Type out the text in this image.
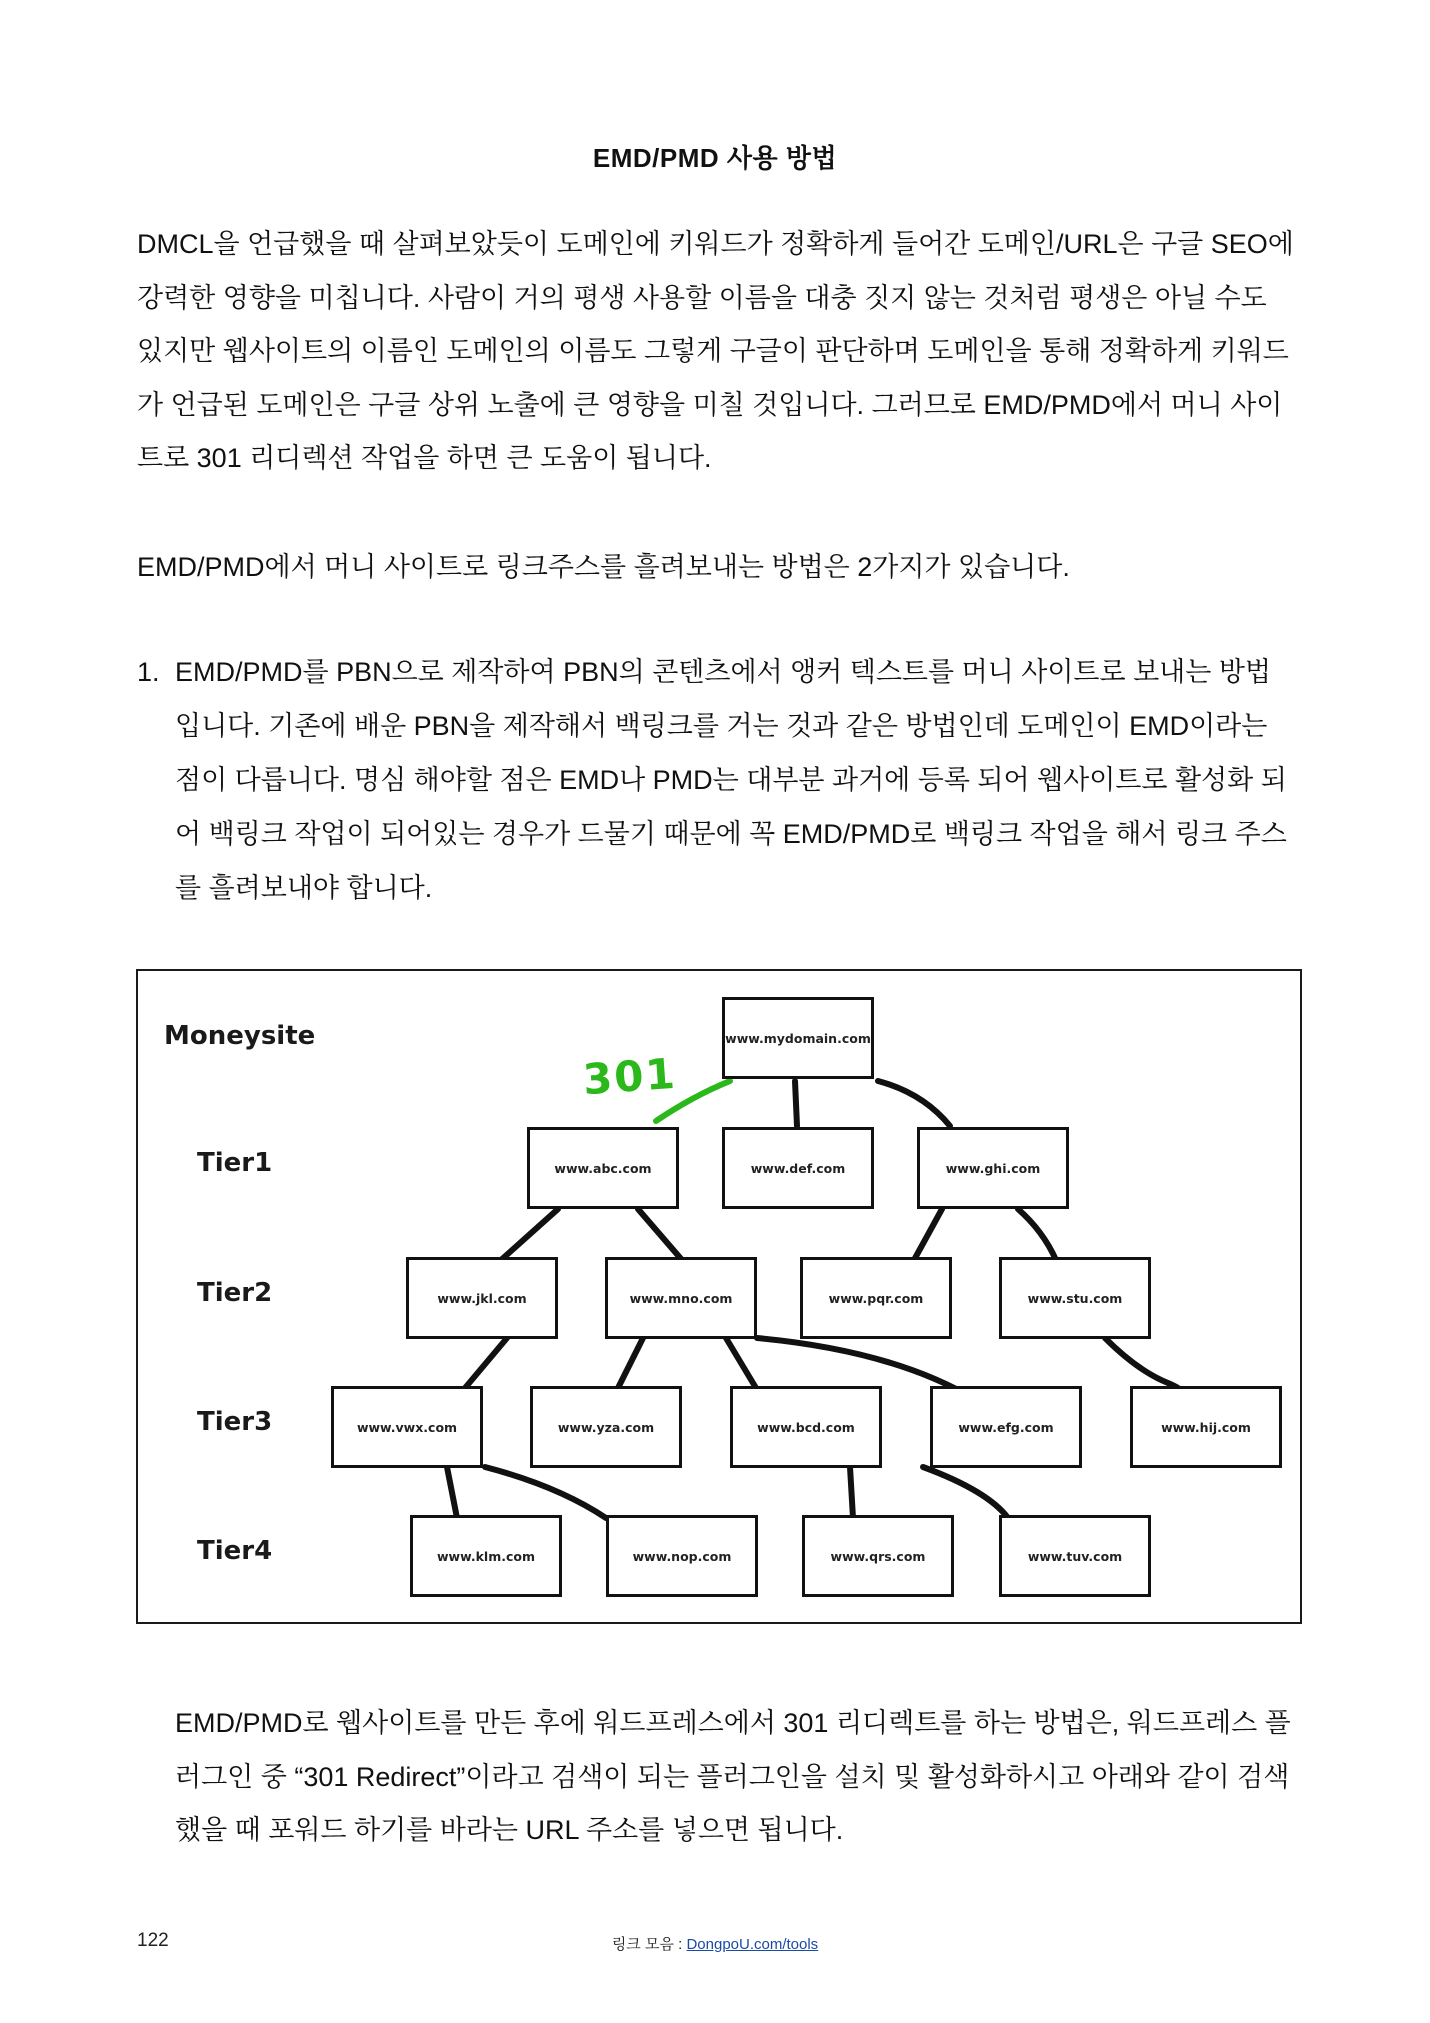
EMD/PMD 사용 방법

DMCL을 언급했을 때 살펴보았듯이 도메인에 키워드가 정확하게 들어간 도메인/URL은 구글 SEO에 강력한 영향을 미칩니다. 사람이 거의 평생 사용할 이름을 대충 짓지 않는 것처럼 평생은 아닐 수도 있지만 웹사이트의 이름인 도메인의 이름도 그렇게 구글이 판단하며 도메인을 통해 정확하게 키워드가 언급된 도메인은 구글 상위 노출에 큰 영향을 미칠 것입니다. 그러므로 EMD/PMD에서 머니 사이트로 301 리디렉션 작업을 하면 큰 도움이 됩니다.

EMD/PMD에서 머니 사이트로 링크주스를 흘려보내는 방법은 2가지가 있습니다.

1. EMD/PMD를 PBN으로 제작하여 PBN의 콘텐츠에서 앵커 텍스트를 머니 사이트로 보내는 방법입니다. 기존에 배운 PBN을 제작해서 백링크를 거는 것과 같은 방법인데 도메인이 EMD이라는 점이 다릅니다. 명심 해야할 점은 EMD나 PMD는 대부분 과거에 등록 되어 웹사이트로 활성화 되어 백링크 작업이 되어있는 경우가 드물기 때문에 꼭 EMD/PMD로 백링크 작업을 해서 링크 주스를 흘려보내야 합니다.
301
Moneysite
Tier1
Tier2
Tier3
Tier4
www.mydomain.com
www.abc.com	www.def.com	www.ghi.com
www.jkl.com	www.mno.com	www.pqr.com	www.stu.com
www.vwx.com	www.yza.com	www.bcd.com	www.efg.com	www.hij.com
www.klm.com	www.nop.com	www.qrs.com	www.tuv.com

EMD/PMD로 웹사이트를 만든 후에 워드프레스에서 301 리디렉트를 하는 방법은, 워드프레스 플러그인 중 “301 Redirect”이라고 검색이 되는 플러그인을 설치 및 활성화하시고 아래와 같이 검색했을 때 포워드 하기를 바라는 URL 주소를 넣으면 됩니다.

122	링크 모음 : DongpoU.com/tools
